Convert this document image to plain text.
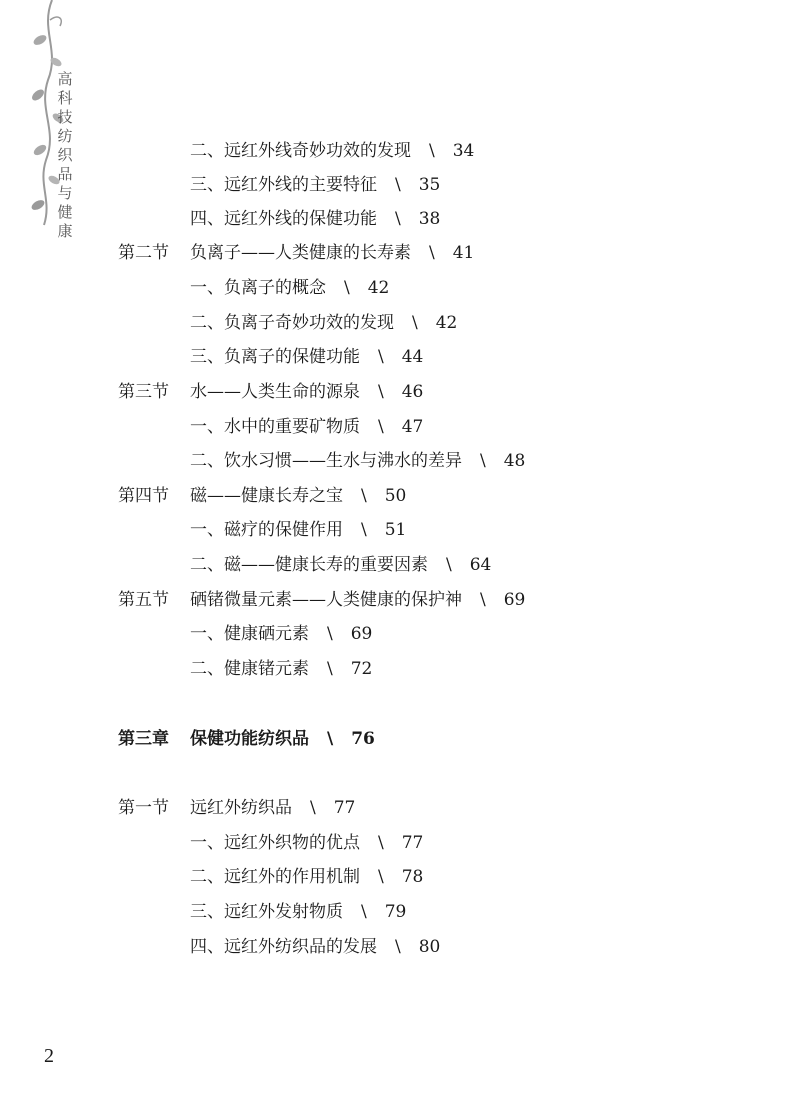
高
科
技
纺
织
品
与
健
康
二、远红外线奇妙功效的发现 \ 34
三、远红外线的主要特征 \ 35
四、远红外线的保健功能 \ 38
第二节 负离子——人类健康的长寿素 \ 41
一、负离子的概念 \ 42
二、负离子奇妙功效的发现 \ 42
三、负离子的保健功能 \ 44
第三节 水——人类生命的源泉 \ 46
一、水中的重要矿物质 \ 47
二、饮水习惯——生水与沸水的差异 \ 48
第四节 磁——健康长寿之宝 \ 50
一、磁疗的保健作用 \ 51
二、磁——健康长寿的重要因素 \ 64
第五节 硒锗微量元素——人类健康的保护神 \ 69
一、健康硒元素 \ 69
二、健康锗元素 \ 72
第三章 保健功能纺织品 \ 76
第一节 远红外纺织品 \ 77
一、远红外织物的优点 \ 77
二、远红外的作用机制 \ 78
三、远红外发射物质 \ 79
四、远红外纺织品的发展 \ 80
2
